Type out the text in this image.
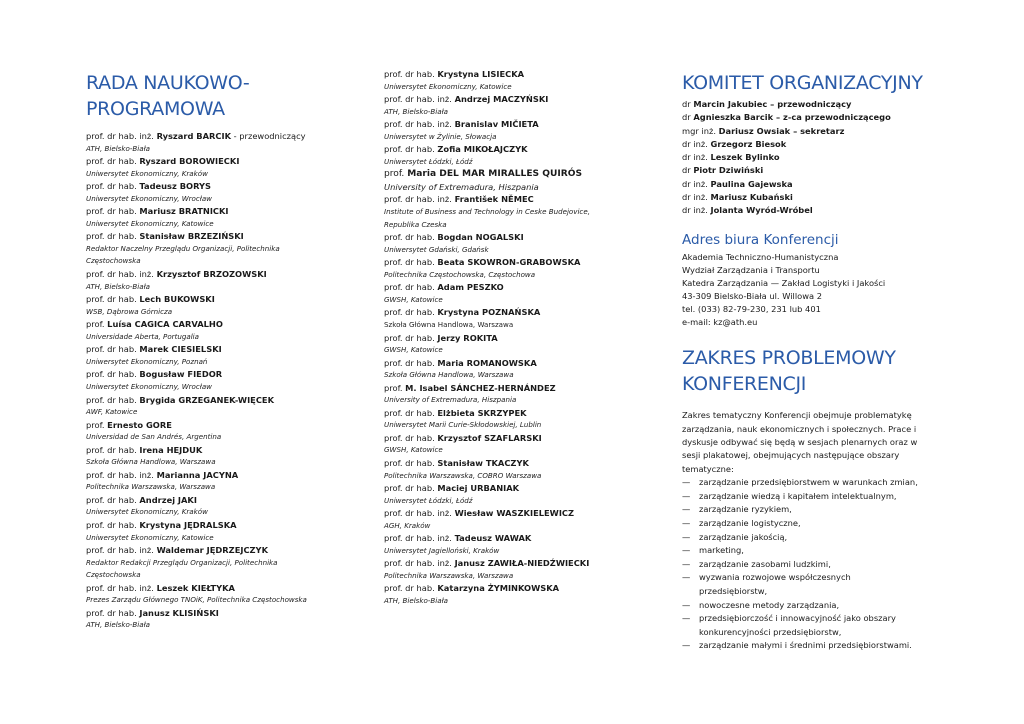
RADA NAUKOWO-
PROGRAMOWA
prof. dr hab. inż. Ryszard BARCIK - przewodniczący
ATH, Bielsko-Biała
prof. dr hab. Ryszard BOROWIECKI
Uniwersytet Ekonomiczny, Kraków
prof. dr hab. Tadeusz BORYS
Uniwersytet Ekonomiczny, Wrocław
prof. dr hab. Mariusz BRATNICKI
Uniwersytet Ekonomiczny, Katowice
prof. dr hab. Stanisław BRZEZIŃSKI
Redaktor Naczelny Przeglądu Organizacji, Politechnika
Częstochowska
prof. dr hab. inż. Krzysztof BRZOZOWSKI
ATH, Bielsko-Biała
prof. dr hab. Lech BUKOWSKI
WSB, Dąbrowa Górnicza
prof. Luísa CAGICA CARVALHO
Universidade Aberta, Portugalia
prof. dr hab. Marek CIESIELSKI
Uniwersytet Ekonomiczny, Poznań
prof. dr hab. Bogusław FIEDOR
Uniwersytet Ekonomiczny, Wrocław
prof. dr hab. Brygida GRZEGANEK-WIĘCEK
AWF, Katowice
prof. Ernesto GORE
Universidad de San Andrés, Argentina
prof. dr hab. Irena HEJDUK
Szkoła Główna Handlowa, Warszawa
prof. dr hab. inż. Marianna JACYNA
Politechnika Warszawska, Warszawa
prof. dr hab. Andrzej JAKI
Uniwersytet Ekonomiczny, Kraków
prof. dr hab. Krystyna JĘDRALSKA
Uniwersytet Ekonomiczny, Katowice
prof. dr hab. inż. Waldemar JĘDRZEJCZYK
Redaktor Redakcji Przeglądu Organizacji, Politechnika
Częstochowska
prof. dr hab. inż. Leszek KIEŁTYKA
Prezes Zarządu Głównego TNOiK, Politechnika Częstochowska
prof. dr hab. Janusz KLISIŃSKI
ATH, Bielsko-Biała
prof. dr hab. Krystyna LISIECKA
Uniwersytet Ekonomiczny, Katowice
prof. dr hab. inż. Andrzej MACZYŃSKI
ATH, Bielsko-Biała
prof. dr hab. inż. Branislav MIČIETA
Uniwersytet w Żylinie, Słowacja
prof. dr hab. Zofia MIKOŁAJCZYK
Uniwersytet Łódzki, Łódź
prof. Maria DEL MAR MIRALLES QUIRÓS
University of Extremadura, Hiszpania
prof. dr hab. inż. František NĚMEC
Institute of Business and Technology in Ceske Budejovice,
Republika Czeska
prof. dr hab. Bogdan NOGALSKI
Uniwersytet Gdański, Gdańsk
prof. dr hab. Beata SKOWRON-GRABOWSKA
Politechnika Częstochowska, Częstochowa
prof. dr hab. Adam PESZKO
GWSH, Katowice
prof. dr hab. Krystyna POZNAŃSKA
Szkoła Główna Handlowa, Warszawa
prof. dr hab. Jerzy ROKITA
GWSH, Katowice
prof. dr hab. Maria ROMANOWSKA
Szkoła Główna Handlowa, Warszawa
prof. M. Isabel SÁNCHEZ-HERNÁNDEZ
University of Extremadura, Hiszpania
prof. dr hab. Elżbieta SKRZYPEK
Uniwersytet Marii Curie-Skłodowskiej, Lublin
prof. dr hab. Krzysztof SZAFLARSKI
GWSH, Katowice
prof. dr hab. Stanisław TKACZYK
Politechnika Warszawska, COBRO Warszawa
prof. dr hab. Maciej URBANIAK
Uniwersytet Łódzki, Łódź
prof. dr hab. inż. Wiesław WASZKIELEWICZ
AGH, Kraków
prof. dr hab. inż. Tadeusz WAWAK
Uniwersytet Jagielloński, Kraków
prof. dr hab. inż. Janusz ZAWIŁA-NIEDŹWIECKI
Politechnika Warszawska, Warszawa
prof. dr hab. Katarzyna ŻYMINKOWSKA
ATH, Bielsko-Biała
KOMITET ORGANIZACYJNY
dr Marcin Jakubiec – przewodniczący
dr Agnieszka Barcik – z-ca przewodniczącego
mgr inż. Dariusz Owsiak – sekretarz
dr inż. Grzegorz Biesok
dr inż. Leszek Bylinko
dr Piotr Dziwiński
dr inż. Paulina Gajewska
dr inż. Mariusz Kubański
dr inż. Jolanta Wyród-Wróbel
Adres biura Konferencji
Akademia Techniczno-Humanistyczna
Wydział Zarządzania i Transportu
Katedra Zarządzania — Zakład Logistyki i Jakości
43-309 Bielsko-Biała ul. Willowa 2
tel. (033) 82-79-230, 231 lub 401
e-mail: kz@ath.eu
ZAKRES PROBLEMOWY
KONFERENCJI
Zakres tematyczny Konferencji obejmuje problematykę
zarządzania, nauk ekonomicznych i społecznych. Prace i
dyskusje odbywać się będą w sesjach plenarnych oraz w
sesji plakatowej, obejmujących następujące obszary
tematyczne:
— zarządzanie przedsiębiorstwem w warunkach zmian,
— zarządzanie wiedzą i kapitałem intelektualnym,
— zarządzanie ryzykiem,
— zarządzanie logistyczne,
— zarządzanie jakością,
— marketing,
— zarządzanie zasobami ludzkimi,
— wyzwania rozwojowe współczesnych
przedsiębiorstw,
— nowoczesne metody zarządzania,
— przedsiębiorczość i innowacyjność jako obszary
konkurencyjności przedsiębiorstw,
— zarządzanie małymi i średnimi przedsiębiorstwami.
